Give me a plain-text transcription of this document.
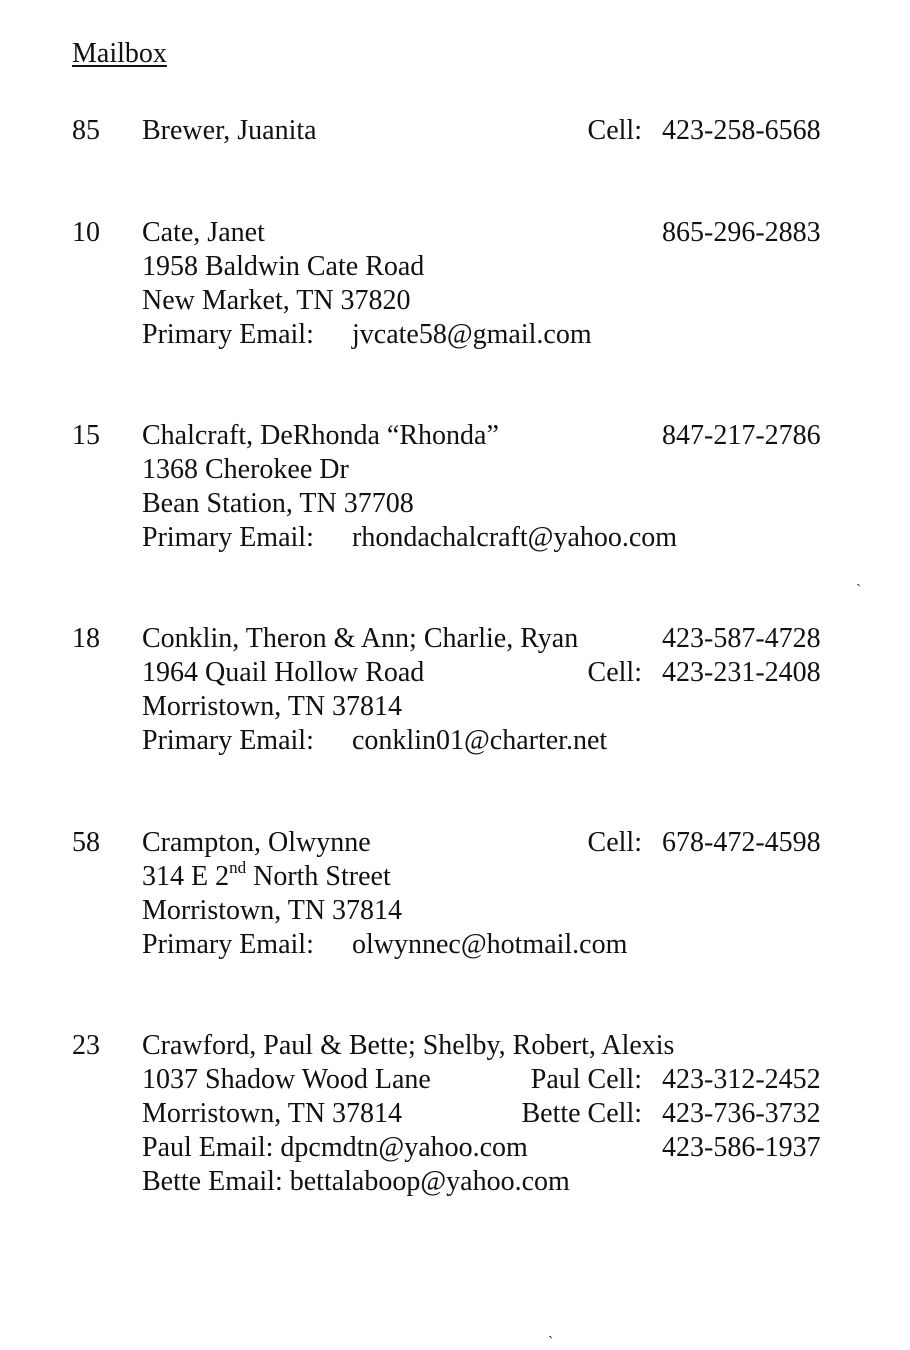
Mailbox
85 Brewer, Juanita	Cell: 423-258-6568
10 Cate, Janet	865-296-2883
1958 Baldwin Cate Road
New Market, TN 37820
Primary Email: jvcate58@gmail.com
15 Chalcraft, DeRhonda “Rhonda”	847-217-2786
1368 Cherokee Dr
Bean Station, TN 37708
Primary Email: rhondachalcraft@yahoo.com
18 Conklin, Theron & Ann; Charlie, Ryan	423-587-4728
1964 Quail Hollow Road	Cell: 423-231-2408
Morristown, TN 37814
Primary Email: conklin01@charter.net
58 Crampton, Olwynne	Cell: 678-472-4598
314 E 2nd North Street
Morristown, TN 37814
Primary Email: olwynnec@hotmail.com
23 Crawford, Paul & Bette; Shelby, Robert, Alexis
1037 Shadow Wood Lane	Paul Cell: 423-312-2452
Morristown, TN 37814	Bette Cell: 423-736-3732
Paul Email: dpcmdtn@yahoo.com	423-586-1937
Bette Email: bettalaboop@yahoo.com
ˏ
ˏ
